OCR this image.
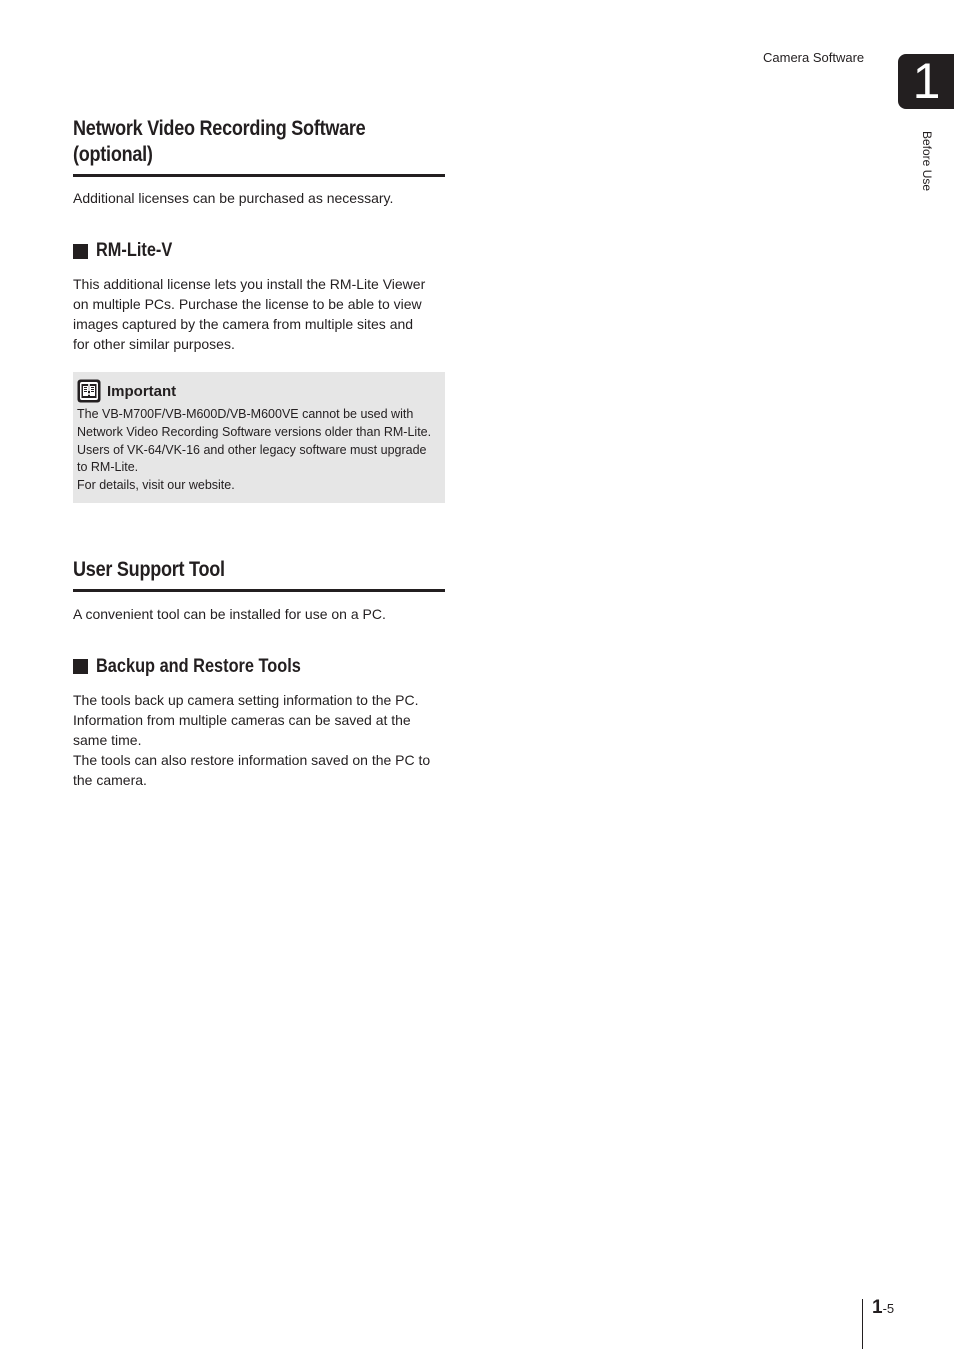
Camera Software 1
Before Use
Network Video Recording Software
(optional)
Additional licenses can be purchased as necessary.
RM-Lite-V
This additional license lets you install the RM-Lite Viewer
on multiple PCs. Purchase the license to be able to view
images captured by the camera from multiple sites and
for other similar purposes.
Important
The VB-M700F/VB-M600D/VB-M600VE cannot be used with
Network Video Recording Software versions older than RM-Lite.
Users of VK-64/VK-16 and other legacy software must upgrade
to RM-Lite.
For details, visit our website.
User Support Tool
A convenient tool can be installed for use on a PC.
Backup and Restore Tools
The tools back up camera setting information to the PC.
Information from multiple cameras can be saved at the
same time.
The tools can also restore information saved on the PC to
the camera.
1-5
